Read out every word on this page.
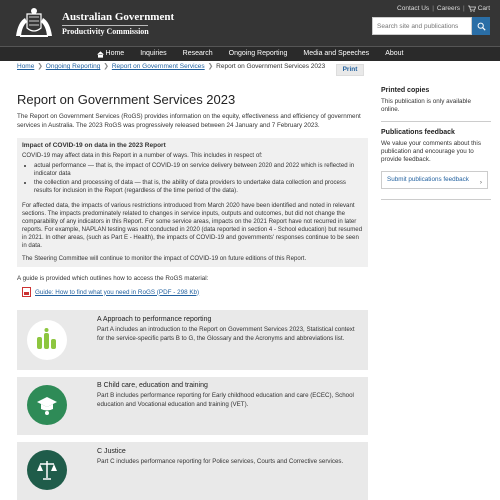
Australian Government
Productivity Commission
Contact Us | Careers | Cart
Search site and publications
Home	Inquiries	Research	Ongoing Reporting	Media and Speeches	About
Home ❯ Ongoing Reporting ❯ Report on Government Services ❯ Report on Government Services 2023	Print
Report on Government Services 2023

The Report on Government Services (RoGS) provides information on the equity, effectiveness and efficiency of government services in Australia. The 2023 RoGS was progressively released between 24 January and 7 February 2023.

Impact of COVID-19 on data in the 2023 Report

COVID-19 may affect data in this Report in a number of ways. This includes in respect of:

• actual performance — that is, the impact of COVID-19 on service delivery between 2020 and 2022 which is reflected in indicator data
• the collection and processing of data — that is, the ability of data providers to undertake data collection and process results for inclusion in the Report (regardless of the time period of the data).

For affected data, the impacts of various restrictions introduced from March 2020 have been identified and noted in relevant sections. The impacts predominately related to changes in service inputs, outputs and outcomes, but did not change the comparability of any indicators in this Report. For some service areas, impacts on the 2021 Report have not recurred in later reports. For example, NAPLAN testing was not conducted in 2020 (data reported in section 4 - School education) but resumed in 2021. In other areas, (such as Part E - Health), the impacts of COVID-19 and governments' responses continue to be seen in data.

The Steering Committee will continue to monitor the impact of COVID-19 on future editions of this Report.

A guide is provided which outlines how to access the RoGS material:

Guide: How to find what you need in RoGS (PDF - 298 Kb)
A Approach to performance reporting

Part A includes an introduction to the Report on Government Services 2023, Statistical context for the service-specific parts B to G, the Glossary and the Acronyms and abbreviations list.

B Child care, education and training

Part B includes performance reporting for Early childhood education and care (ECEC), School education and Vocational education and training (VET).

C Justice

Part C includes performance reporting for Police services, Courts and Corrective services.

Printed copies

This publication is only available online.

Publications feedback

We value your comments about this publication and encourage you to provide feedback.

Submit publications feedback ›
